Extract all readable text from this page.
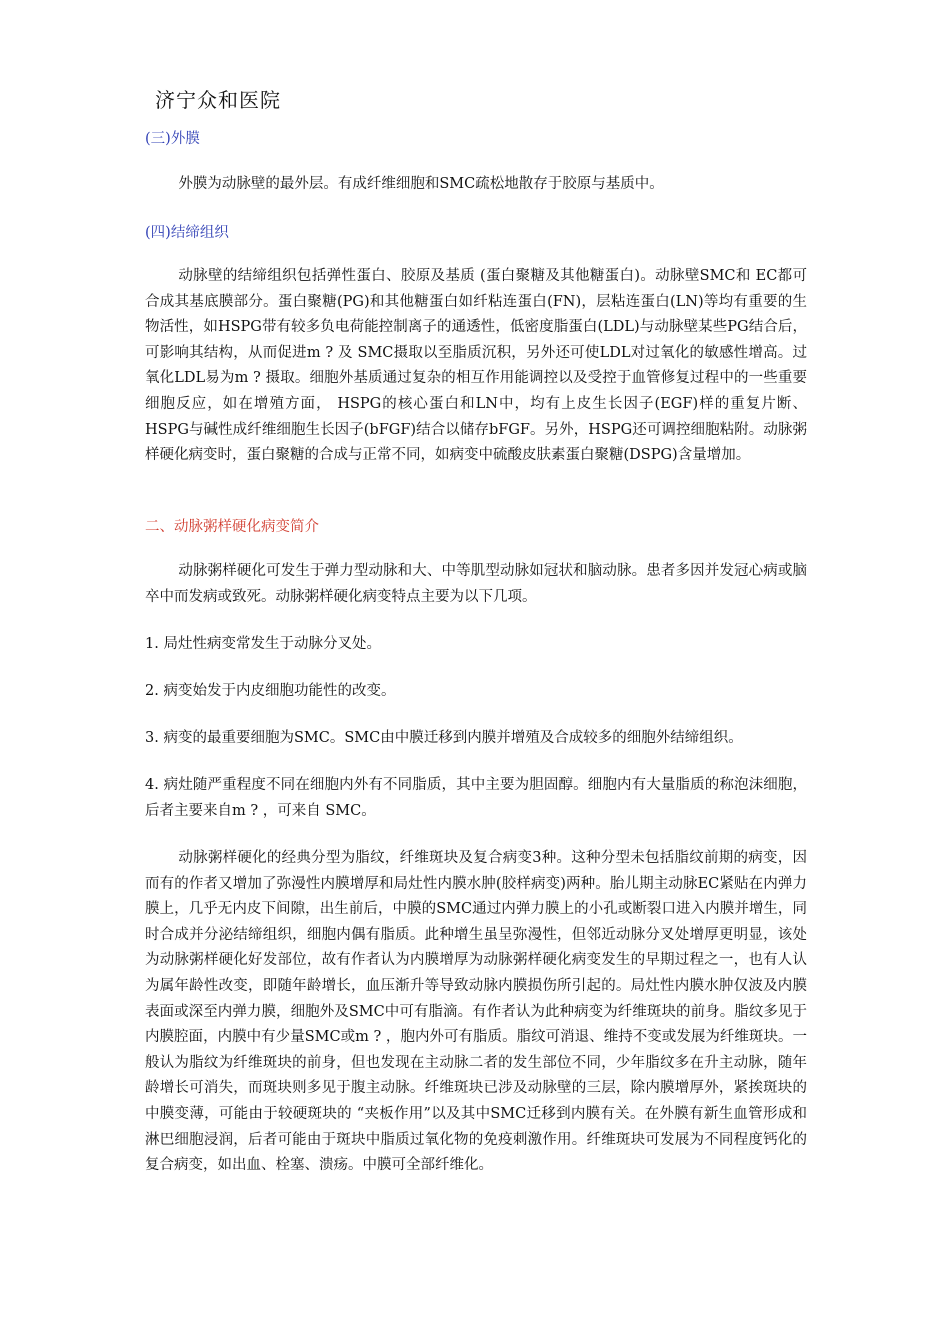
济宁众和医院
(三)外膜

外膜为动脉壁的最外层。有成纤维细胞和SMC疏松地散存于胶原与基质中。

(四)结缔组织

动脉壁的结缔组织包括弹性蛋白、胶原及基质 (蛋白聚糖及其他糖蛋白)。动脉壁SMC和 EC都可合成其基底膜部分。蛋白聚糖(PG)和其他糖蛋白如纤粘连蛋白(FN)，层粘连蛋白(LN)等均有重要的生物活性，如HSPG带有较多负电荷能控制离子的通透性，低密度脂蛋白(LDL)与动脉壁某些PG结合后，可影响其结构，从而促进m ? 及 SMC摄取以至脂质沉积，另外还可使LDL对过氧化的敏感性增高。过氧化LDL易为m ? 摄取。细胞外基质通过复杂的相互作用能调控以及受控于血管修复过程中的一些重要细胞反应，如在增殖方面， HSPG的核心蛋白和LN中，均有上皮生长因子(EGF)样的重复片断、HSPG与碱性成纤维细胞生长因子(bFGF)结合以储存bFGF。另外，HSPG还可调控细胞粘附。动脉粥样硬化病变时，蛋白聚糖的合成与正常不同，如病变中硫酸皮肤素蛋白聚糖(DSPG)含量增加。

二、动脉粥样硬化病变简介

动脉粥样硬化可发生于弹力型动脉和大、中等肌型动脉如冠状和脑动脉。患者多因并发冠心病或脑卒中而发病或致死。动脉粥样硬化病变特点主要为以下几项。

1. 局灶性病变常发生于动脉分叉处。

2. 病变始发于内皮细胞功能性的改变。

3. 病变的最重要细胞为SMC。SMC由中膜迁移到内膜并增殖及合成较多的细胞外结缔组织。

4. 病灶随严重程度不同在细胞内外有不同脂质，其中主要为胆固醇。细胞内有大量脂质的称泡沫细胞，后者主要来自m ? ，可来自 SMC。

动脉粥样硬化的经典分型为脂纹，纤维斑块及复合病变3种。这种分型未包括脂纹前期的病变，因而有的作者又增加了弥漫性内膜增厚和局灶性内膜水肿(胶样病变)两种。胎儿期主动脉EC紧贴在内弹力膜上，几乎无内皮下间隙，出生前后，中膜的SMC通过内弹力膜上的小孔或断裂口进入内膜并增生，同时合成并分泌结缔组织，细胞内偶有脂质。此种增生虽呈弥漫性，但邻近动脉分叉处增厚更明显，该处为动脉粥样硬化好发部位，故有作者认为内膜增厚为动脉粥样硬化病变发生的早期过程之一，也有人认为属年龄性改变，即随年龄增长，血压渐升等导致动脉内膜损伤所引起的。局灶性内膜水肿仅波及内膜表面或深至内弹力膜，细胞外及SMC中可有脂滴。有作者认为此种病变为纤维斑块的前身。脂纹多见于内膜腔面，内膜中有少量SMC或m ? ，胞内外可有脂质。脂纹可消退、维持不变或发展为纤维斑块。一般认为脂纹为纤维斑块的前身，但也发现在主动脉二者的发生部位不同，少年脂纹多在升主动脉，随年龄增长可消失，而斑块则多见于腹主动脉。纤维斑块已涉及动脉壁的三层，除内膜增厚外，紧挨斑块的中膜变薄，可能由于较硬斑块的 “夹板作用”以及其中SMC迁移到内膜有关。在外膜有新生血管形成和淋巴细胞浸润，后者可能由于斑块中脂质过氧化物的免疫刺激作用。纤维斑块可发展为不同程度钙化的复合病变，如出血、栓塞、溃疡。中膜可全部纤维化。
